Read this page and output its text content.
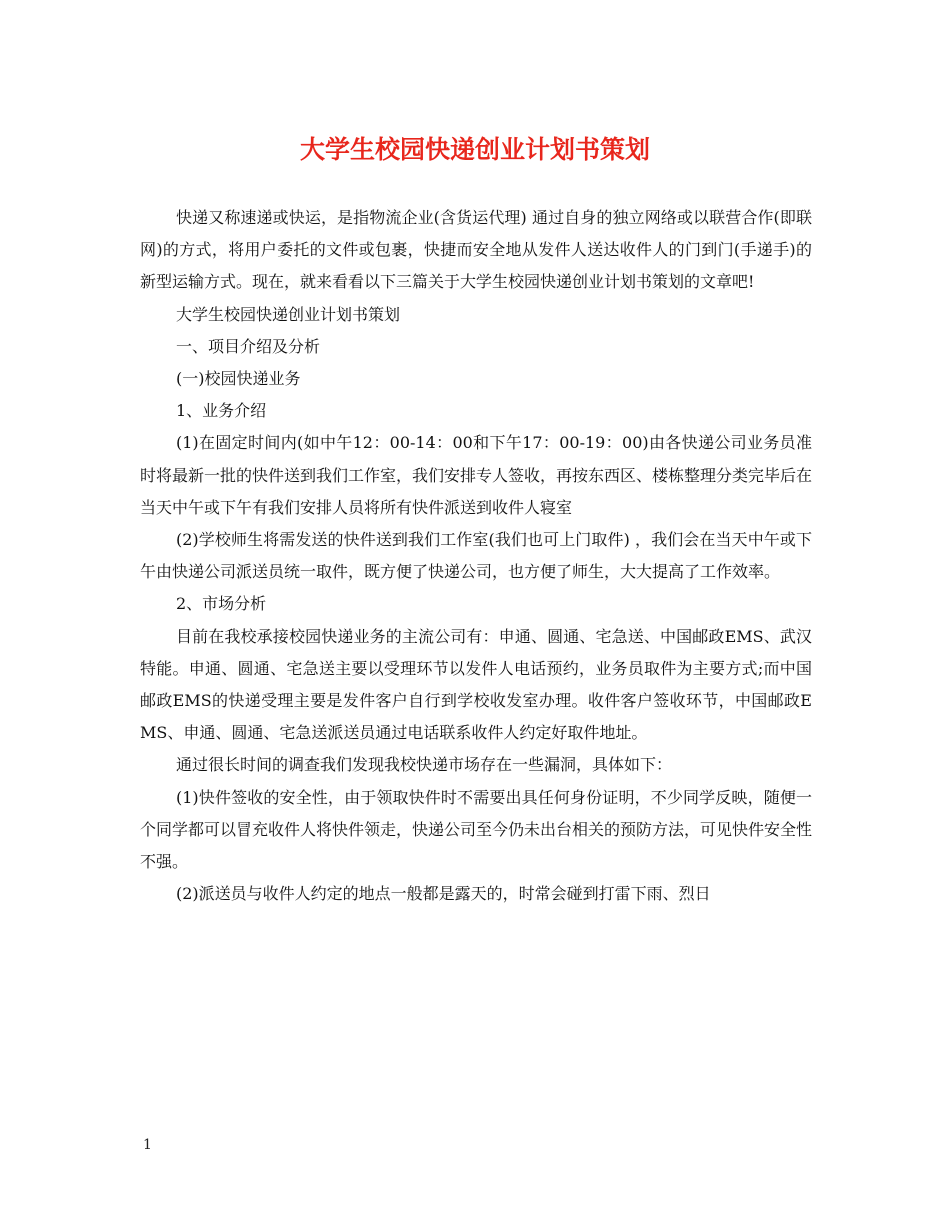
大学生校园快递创业计划书策划

快递又称速递或快运，是指物流企业(含货运代理) 通过自身的独立网络或以联营合作(即联网)的方式，将用户委托的文件或包裹，快捷而安全地从发件人送达收件人的门到门(手递手)的新型运输方式。现在，就来看看以下三篇关于大学生校园快递创业计划书策划的文章吧!

大学生校园快递创业计划书策划

一、项目介绍及分析

(一)校园快递业务

1、业务介绍

(1)在固定时间内(如中午12：00-14：00和下午17：00-19：00)由各快递公司业务员准时将最新一批的快件送到我们工作室，我们安排专人签收，再按东西区、楼栋整理分类完毕后在当天中午或下午有我们安排人员将所有快件派送到收件人寝室

(2)学校师生将需发送的快件送到我们工作室(我们也可上门取件) ，我们会在当天中午或下午由快递公司派送员统一取件，既方便了快递公司，也方便了师生，大大提高了工作效率。

2、市场分析

目前在我校承接校园快递业务的主流公司有：申通、圆通、宅急送、中国邮政EMS、武汉特能。申通、圆通、宅急送主要以受理环节以发件人电话预约，业务员取件为主要方式;而中国邮政EMS的快递受理主要是发件客户自行到学校收发室办理。收件客户签收环节，中国邮政EMS、申通、圆通、宅急送派送员通过电话联系收件人约定好取件地址。

通过很长时间的调查我们发现我校快递市场存在一些漏洞，具体如下：

(1)快件签收的安全性，由于领取快件时不需要出具任何身份证明，不少同学反映，随便一个同学都可以冒充收件人将快件领走，快递公司至今仍未出台相关的预防方法，可见快件安全性不强。

(2)派送员与收件人约定的地点一般都是露天的，时常会碰到打雷下雨、烈日

1
